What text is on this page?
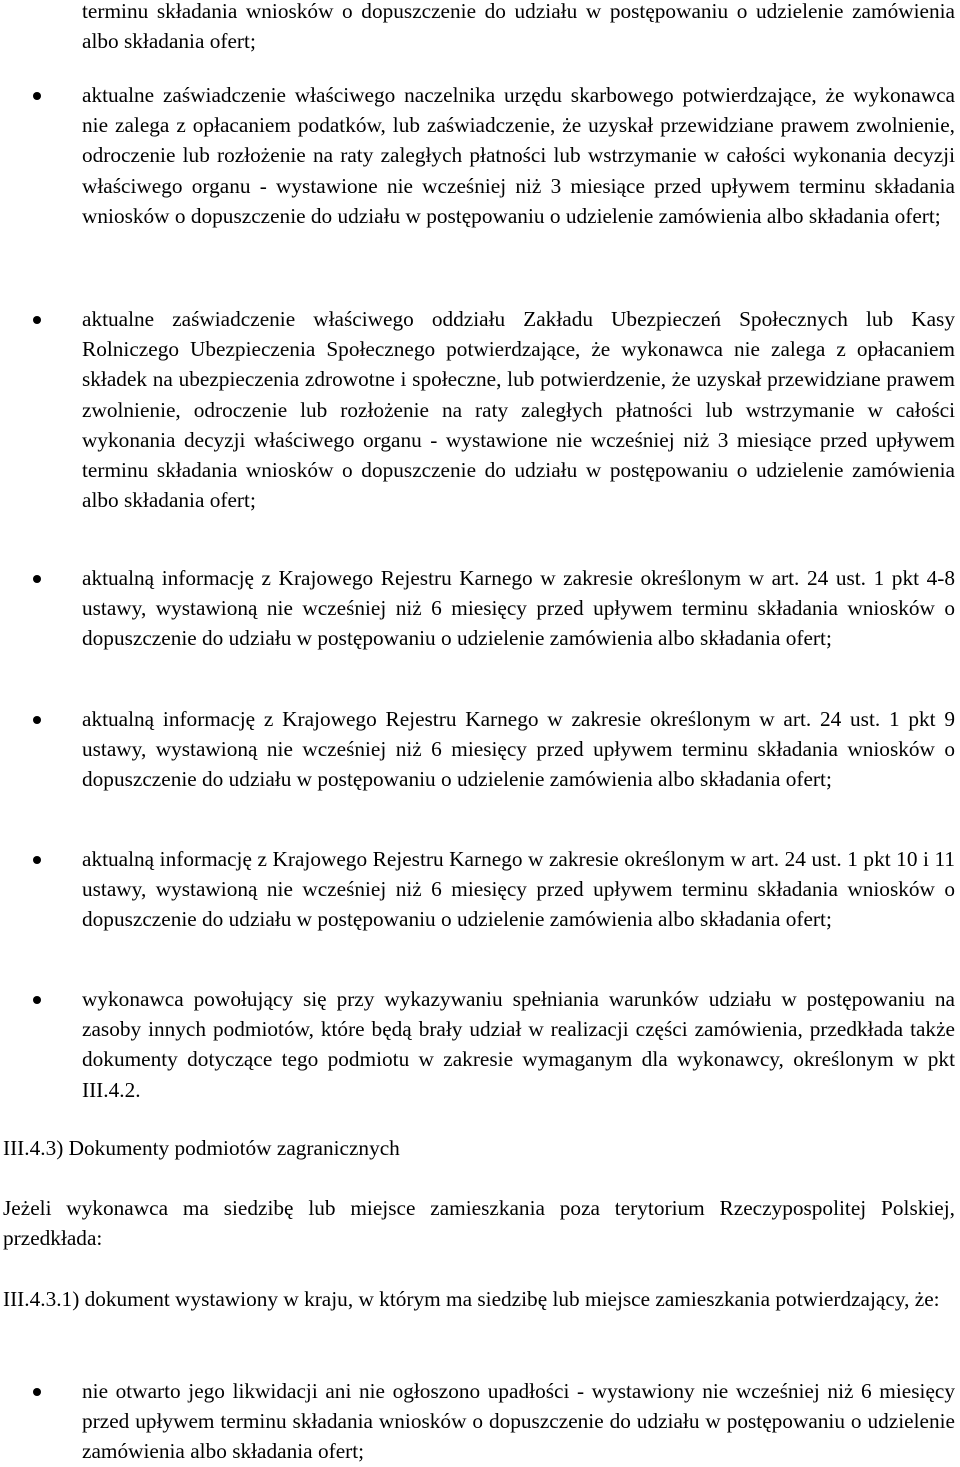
terminu składania wniosków o dopuszczenie do udziału w postępowaniu o udzielenie zamówienia albo składania ofert;

aktualne zaświadczenie właściwego naczelnika urzędu skarbowego potwierdzające, że wykonawca nie zalega z opłacaniem podatków, lub zaświadczenie, że uzyskał przewidziane prawem zwolnienie, odroczenie lub rozłożenie na raty zaległych płatności lub wstrzymanie w całości wykonania decyzji właściwego organu - wystawione nie wcześniej niż 3 miesiące przed upływem terminu składania wniosków o dopuszczenie do udziału w postępowaniu o udzielenie zamówienia albo składania ofert;

aktualne zaświadczenie właściwego oddziału Zakładu Ubezpieczeń Społecznych lub Kasy Rolniczego Ubezpieczenia Społecznego potwierdzające, że wykonawca nie zalega z opłacaniem składek na ubezpieczenia zdrowotne i społeczne, lub potwierdzenie, że uzyskał przewidziane prawem zwolnienie, odroczenie lub rozłożenie na raty zaległych płatności lub wstrzymanie w całości wykonania decyzji właściwego organu - wystawione nie wcześniej niż 3 miesiące przed upływem terminu składania wniosków o dopuszczenie do udziału w postępowaniu o udzielenie zamówienia albo składania ofert;

aktualną informację z Krajowego Rejestru Karnego w zakresie określonym w art. 24 ust. 1 pkt 4-8 ustawy, wystawioną nie wcześniej niż 6 miesięcy przed upływem terminu składania wniosków o dopuszczenie do udziału w postępowaniu o udzielenie zamówienia albo składania ofert;

aktualną informację z Krajowego Rejestru Karnego w zakresie określonym w art. 24 ust. 1 pkt 9 ustawy, wystawioną nie wcześniej niż 6 miesięcy przed upływem terminu składania wniosków o dopuszczenie do udziału w postępowaniu o udzielenie zamówienia albo składania ofert;

aktualną informację z Krajowego Rejestru Karnego w zakresie określonym w art. 24 ust. 1 pkt 10 i 11 ustawy, wystawioną nie wcześniej niż 6 miesięcy przed upływem terminu składania wniosków o dopuszczenie do udziału w postępowaniu o udzielenie zamówienia albo składania ofert;

wykonawca powołujący się przy wykazywaniu spełniania warunków udziału w postępowaniu na zasoby innych podmiotów, które będą brały udział w realizacji części zamówienia, przedkłada także dokumenty dotyczące tego podmiotu w zakresie wymaganym dla wykonawcy, określonym w pkt III.4.2.

III.4.3) Dokumenty podmiotów zagranicznych

Jeżeli wykonawca ma siedzibę lub miejsce zamieszkania poza terytorium Rzeczypospolitej Polskiej, przedkłada:

III.4.3.1) dokument wystawiony w kraju, w którym ma siedzibę lub miejsce zamieszkania potwierdzający, że:

nie otwarto jego likwidacji ani nie ogłoszono upadłości - wystawiony nie wcześniej niż 6 miesięcy przed upływem terminu składania wniosków o dopuszczenie do udziału w postępowaniu o udzielenie zamówienia albo składania ofert;
